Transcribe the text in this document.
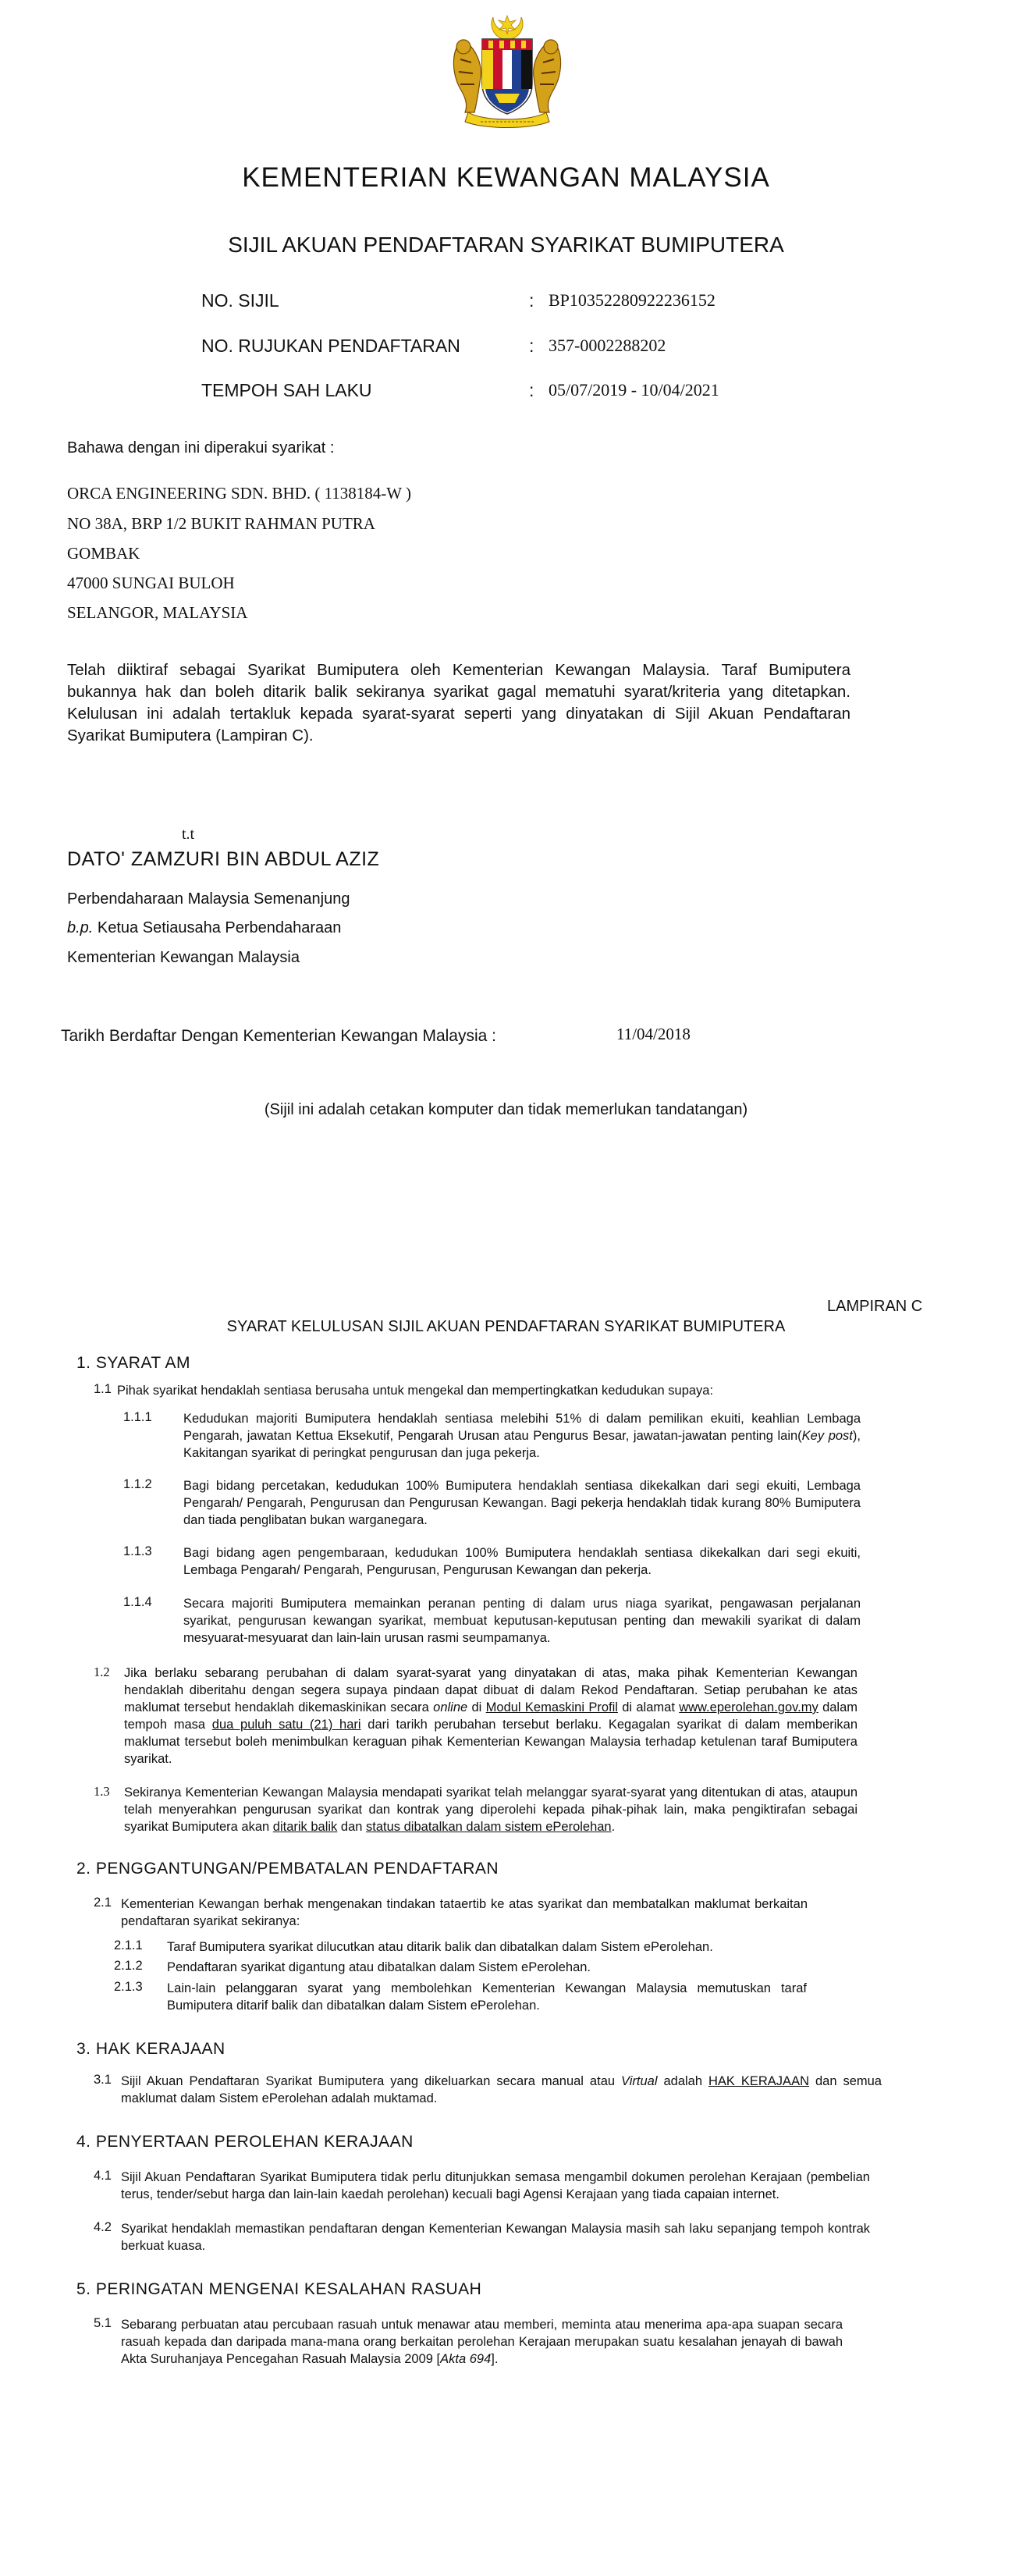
KEMENTERIAN KEWANGAN MALAYSIA
SIJIL AKUAN PENDAFTARAN SYARIKAT BUMIPUTERA
NO. SIJIL	: BP10352280922236152
NO. RUJUKAN PENDAFTARAN	: 357-0002288202
TEMPOH SAH LAKU	: 05/07/2019 - 10/04/2021
Bahawa dengan ini diperakui syarikat :
ORCA ENGINEERING SDN. BHD. ( 1138184-W )
NO 38A, BRP 1/2 BUKIT RAHMAN PUTRA
GOMBAK
47000 SUNGAI BULOH
SELANGOR, MALAYSIA
Telah diiktiraf sebagai Syarikat Bumiputera oleh Kementerian Kewangan Malaysia. Taraf Bumiputera bukannya hak dan boleh ditarik balik sekiranya syarikat gagal mematuhi syarat/kriteria yang ditetapkan. Kelulusan ini adalah tertakluk kepada syarat-syarat seperti yang dinyatakan di Sijil Akuan Pendaftaran Syarikat Bumiputera (Lampiran C).
t.t
DATO' ZAMZURI BIN ABDUL AZIZ
Perbendaharaan Malaysia Semenanjung
b.p. Ketua Setiausaha Perbendaharaan
Kementerian Kewangan Malaysia
Tarikh Berdaftar Dengan Kementerian Kewangan Malaysia :	11/04/2018
(Sijil ini adalah cetakan komputer dan tidak memerlukan tandatangan)
LAMPIRAN C
SYARAT KELULUSAN SIJIL AKUAN PENDAFTARAN SYARIKAT BUMIPUTERA
1. SYARAT AM
1.1 Pihak syarikat hendaklah sentiasa berusaha untuk mengekal dan mempertingkatkan kedudukan supaya:
1.1.1 Kedudukan majoriti Bumiputera hendaklah sentiasa melebihi 51% di dalam pemilikan ekuiti, keahlian Lembaga Pengarah, jawatan Kettua Eksekutif, Pengarah Urusan atau Pengurus Besar, jawatan-jawatan penting lain(Key post), Kakitangan syarikat di peringkat pengurusan dan juga pekerja.
1.1.2 Bagi bidang percetakan, kedudukan 100% Bumiputera hendaklah sentiasa dikekalkan dari segi ekuiti, Lembaga Pengarah/ Pengarah, Pengurusan dan Pengurusan Kewangan. Bagi pekerja hendaklah tidak kurang 80% Bumiputera dan tiada penglibatan bukan warganegara.
1.1.3 Bagi bidang agen pengembaraan, kedudukan 100% Bumiputera hendaklah sentiasa dikekalkan dari segi ekuiti, Lembaga Pengarah/ Pengarah, Pengurusan, Pengurusan Kewangan dan pekerja.
1.1.4 Secara majoriti Bumiputera memainkan peranan penting di dalam urus niaga syarikat, pengawasan perjalanan syarikat, pengurusan kewangan syarikat, membuat keputusan-keputusan penting dan mewakili syarikat di dalam mesyuarat-mesyuarat dan lain-lain urusan rasmi seumpamanya.
1.2 Jika berlaku sebarang perubahan di dalam syarat-syarat yang dinyatakan di atas, maka pihak Kementerian Kewangan hendaklah diberitahu dengan segera supaya pindaan dapat dibuat di dalam Rekod Pendaftaran. Setiap perubahan ke atas maklumat tersebut hendaklah dikemaskinikan secara online di Modul Kemaskini Profil di alamat www.eperolehan.gov.my dalam tempoh masa dua puluh satu (21) hari dari tarikh perubahan tersebut berlaku. Kegagalan syarikat di dalam memberikan maklumat tersebut boleh menimbulkan keraguan pihak Kementerian Kewangan Malaysia terhadap ketulenan taraf Bumiputera syarikat.
1.3 Sekiranya Kementerian Kewangan Malaysia mendapati syarikat telah melanggar syarat-syarat yang ditentukan di atas, ataupun telah menyerahkan pengurusan syarikat dan kontrak yang diperolehi kepada pihak-pihak lain, maka pengiktirafan sebagai syarikat Bumiputera akan ditarik balik dan status dibatalkan dalam sistem ePerolehan.
2. PENGGANTUNGAN/PEMBATALAN PENDAFTARAN
2.1 Kementerian Kewangan berhak mengenakan tindakan tataertib ke atas syarikat dan membatalkan maklumat berkaitan pendaftaran syarikat sekiranya:
2.1.1 Taraf Bumiputera syarikat dilucutkan atau ditarik balik dan dibatalkan dalam Sistem ePerolehan.
2.1.2 Pendaftaran syarikat digantung atau dibatalkan dalam Sistem ePerolehan.
2.1.3 Lain-lain pelanggaran syarat yang membolehkan Kementerian Kewangan Malaysia memutuskan taraf Bumiputera ditarif balik dan dibatalkan dalam Sistem ePerolehan.
3. HAK KERAJAAN
3.1 Sijil Akuan Pendaftaran Syarikat Bumiputera yang dikeluarkan secara manual atau Virtual adalah HAK KERAJAAN dan semua maklumat dalam Sistem ePerolehan adalah muktamad.
4. PENYERTAAN PEROLEHAN KERAJAAN
4.1 Sijil Akuan Pendaftaran Syarikat Bumiputera tidak perlu ditunjukkan semasa mengambil dokumen perolehan Kerajaan (pembelian terus, tender/sebut harga dan lain-lain kaedah perolehan) kecuali bagi Agensi Kerajaan yang tiada capaian internet.
4.2 Syarikat hendaklah memastikan pendaftaran dengan Kementerian Kewangan Malaysia masih sah laku sepanjang tempoh kontrak berkuat kuasa.
5. PERINGATAN MENGENAI KESALAHAN RASUAH
5.1 Sebarang perbuatan atau percubaan rasuah untuk menawar atau memberi, meminta atau menerima apa-apa suapan secara rasuah kepada dan daripada mana-mana orang berkaitan perolehan Kerajaan merupakan suatu kesalahan jenayah di bawah Akta Suruhanjaya Pencegahan Rasuah Malaysia 2009 [Akta 694].
